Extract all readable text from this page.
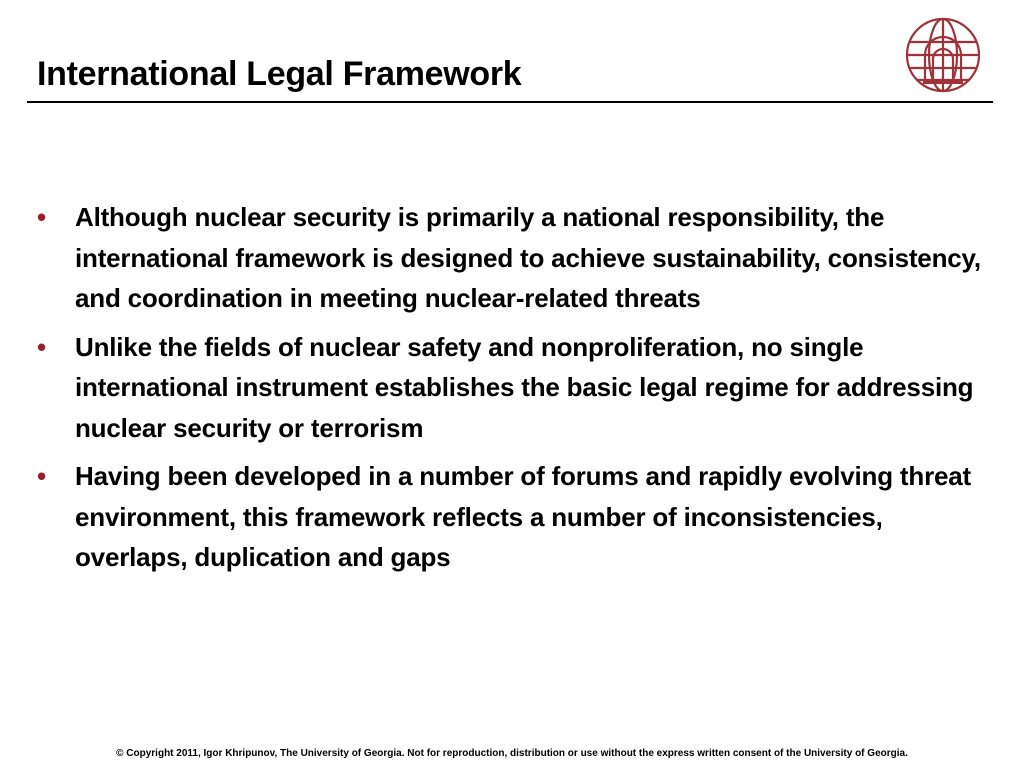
International Legal Framework
• Although nuclear security is primarily a national responsibility, the international framework is designed to achieve sustainability, consistency, and coordination in meeting nuclear-related threats
• Unlike the fields of nuclear safety and nonproliferation, no single international instrument establishes the basic legal regime for addressing nuclear security or terrorism
• Having been developed in a number of forums and rapidly evolving threat environment, this framework reflects a number of inconsistencies, overlaps, duplication and gaps
© Copyright 2011, Igor Khripunov, The University of Georgia. Not for reproduction, distribution or use without the express written consent of the University of Georgia.
